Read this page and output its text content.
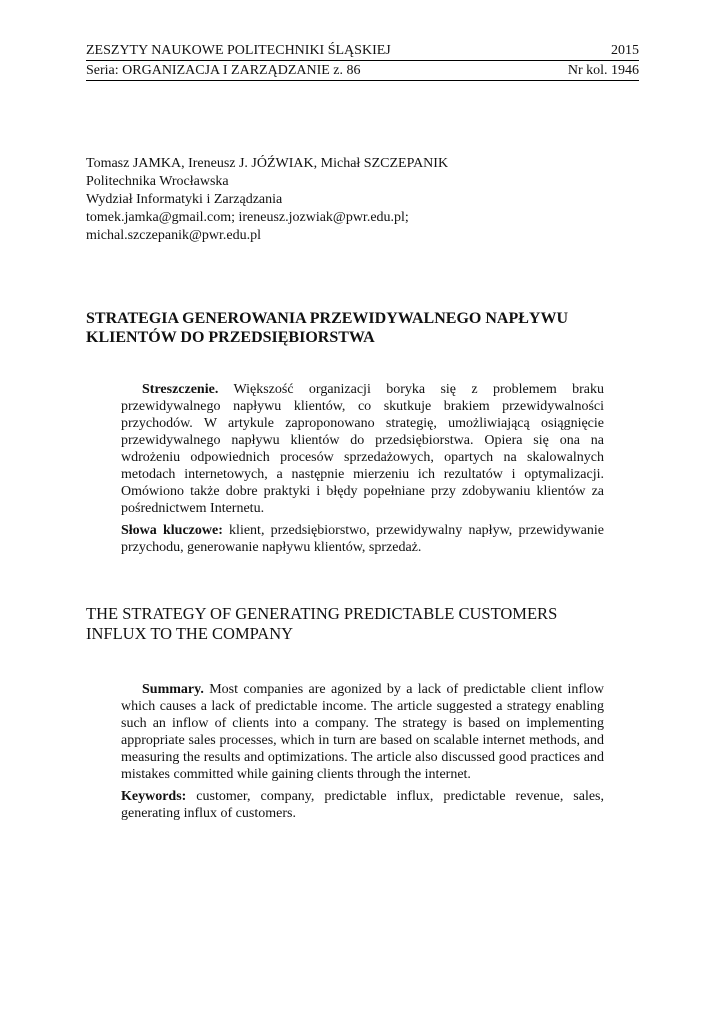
ZESZYTY NAUKOWE POLITECHNIKI ŚLĄSKIEJ	2015
Seria: ORGANIZACJA I ZARZĄDZANIE z. 86	Nr kol. 1946
Tomasz JAMKA, Ireneusz J. JÓŹWIAK, Michał SZCZEPANIK
Politechnika Wrocławska
Wydział Informatyki i Zarządzania
tomek.jamka@gmail.com; ireneusz.jozwiak@pwr.edu.pl;
michal.szczepanik@pwr.edu.pl
STRATEGIA GENEROWANIA PRZEWIDYWALNEGO NAPŁYWU
KLIENTÓW DO PRZEDSIĘBIORSTWA

Streszczenie. Większość organizacji boryka się z problemem braku przewidywalnego napływu klientów, co skutkuje brakiem przewidywalności przychodów. W artykule zaproponowano strategię, umożliwiającą osiągnięcie przewidywalnego napływu klientów do przedsiębiorstwa. Opiera się ona na wdrożeniu odpowiednich procesów sprzedażowych, opartych na skalowalnych metodach internetowych, a następnie mierzeniu ich rezultatów i optymalizacji. Omówiono także dobre praktyki i błędy popełniane przy zdobywaniu klientów za pośrednictwem Internetu.

Słowa kluczowe: klient, przedsiębiorstwo, przewidywalny napływ, przewidywanie przychodu, generowanie napływu klientów, sprzedaż.

THE STRATEGY OF GENERATING PREDICTABLE CUSTOMERS
INFLUX TO THE COMPANY

Summary. Most companies are agonized by a lack of predictable client inflow which causes a lack of predictable income. The article suggested a strategy enabling such an inflow of clients into a company. The strategy is based on implementing appropriate sales processes, which in turn are based on scalable internet methods, and measuring the results and optimizations. The article also discussed good practices and mistakes committed while gaining clients through the internet.

Keywords: customer, company, predictable influx, predictable revenue, sales, generating influx of customers.
